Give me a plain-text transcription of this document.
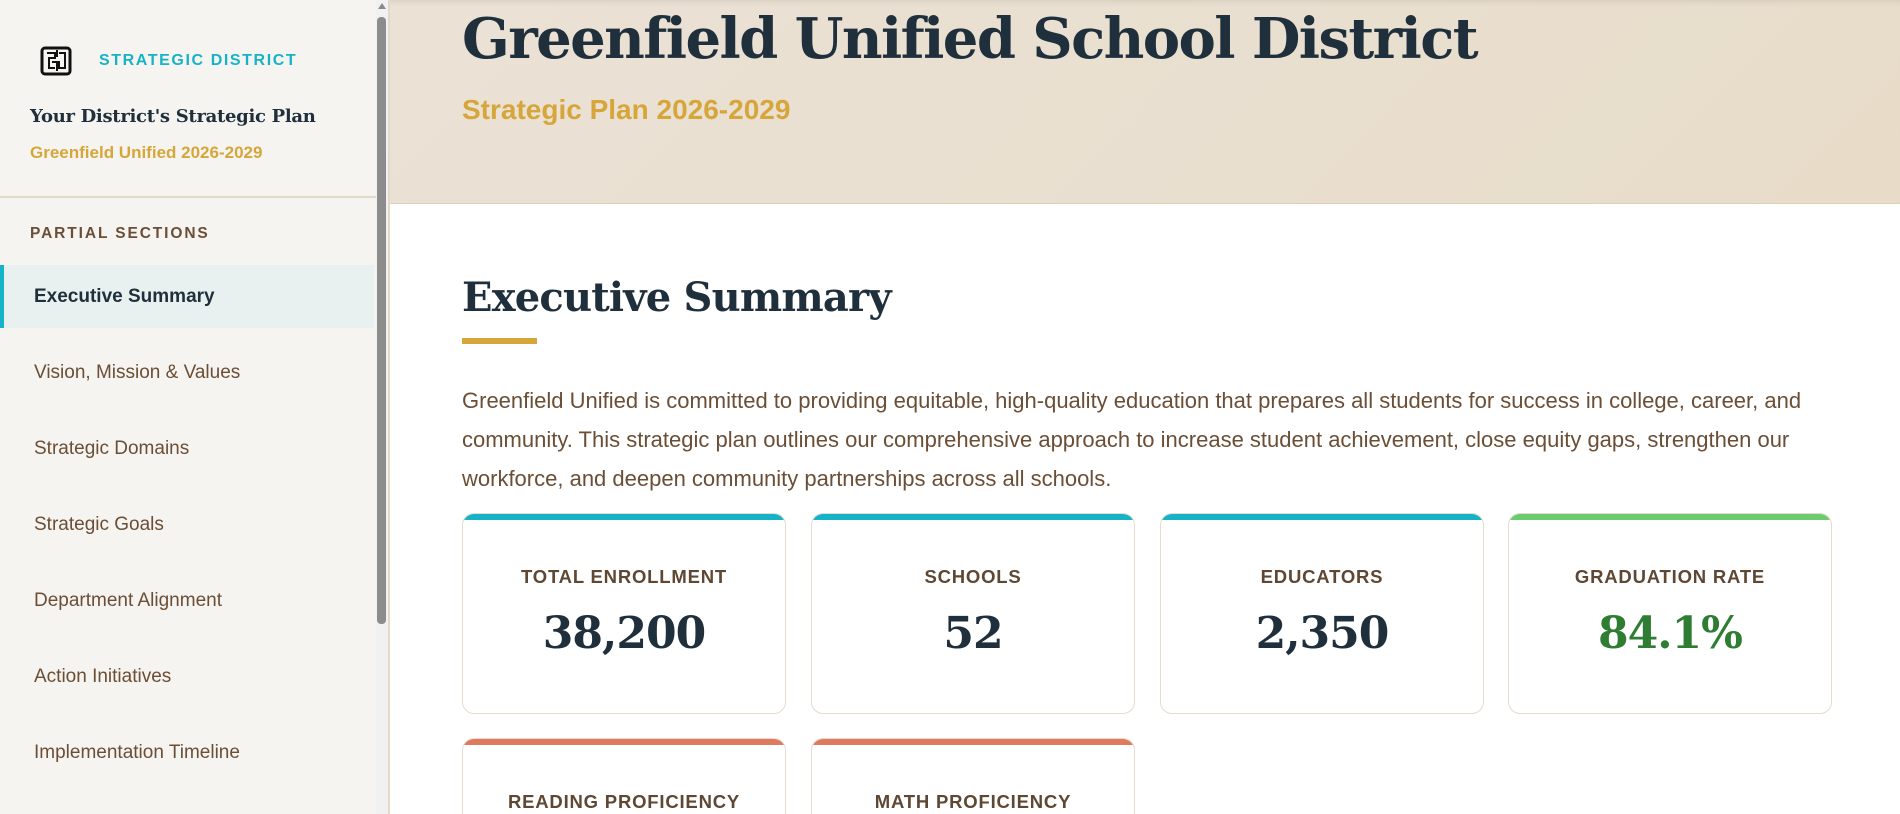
STRATEGIC DISTRICT
Your District's Strategic Plan
Greenfield Unified 2026-2029
PARTIAL SECTIONS
Executive Summary
Vision, Mission & Values
Strategic Domains
Strategic Goals
Department Alignment
Action Initiatives
Implementation Timeline
Greenfield Unified School District
Strategic Plan 2026-2029
Executive Summary

Greenfield Unified is committed to providing equitable, high-quality education that prepares all students for success in college, career, and community. This strategic plan outlines our comprehensive approach to increase student achievement, close equity gaps, strengthen our workforce, and deepen community partnerships across all schools.

TOTAL ENROLLMENT
38,200
SCHOOLS
52
EDUCATORS
2,350
GRADUATION RATE
84.1%
READING PROFICIENCY	MATH PROFICIENCY
